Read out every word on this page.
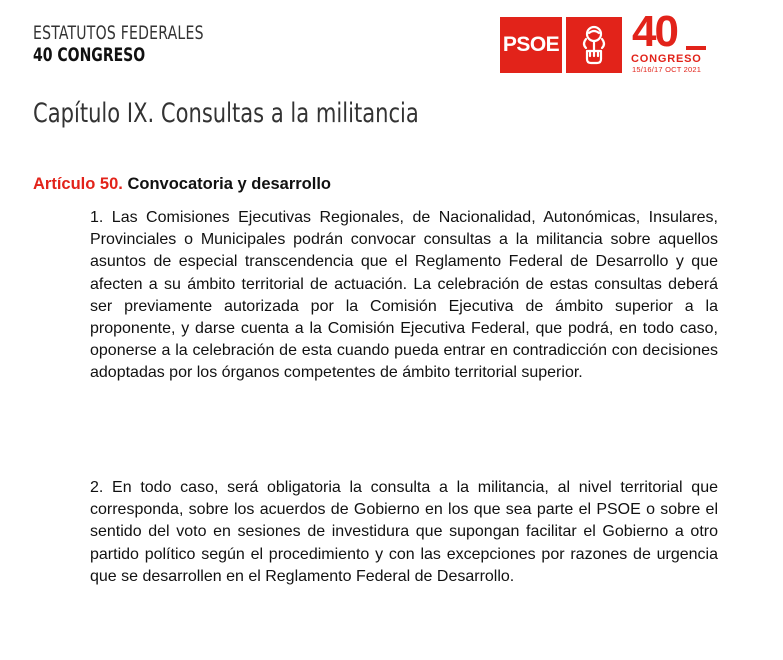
ESTATUTOS FEDERALES
40 CONGRESO	PSOE 40
CONGRESO
15/16/17 OCT 2021
Capítulo IX. Consultas a la militancia
Artículo 50. Convocatoria y desarrollo

1. Las Comisiones Ejecutivas Regionales, de Nacionalidad, Autonómicas, Insulares, Provinciales o Municipales podrán convocar consultas a la militancia sobre aquellos asuntos de especial transcendencia que el Reglamento Federal de Desarrollo y que afecten a su ámbito territorial de actuación. La celebración de estas consultas deberá ser previamente autorizada por la Comisión Ejecutiva de ámbito superior a la proponente, y darse cuenta a la Comisión Ejecutiva Federal, que podrá, en todo caso, oponerse a la celebración de esta cuando pueda entrar en contradicción con decisiones adoptadas por los órganos competentes de ámbito territorial superior.

2. En todo caso, será obligatoria la consulta a la militancia, al nivel territorial que corresponda, sobre los acuerdos de Gobierno en los que sea parte el PSOE o sobre el sentido del voto en sesiones de investidura que supongan facilitar el Gobierno a otro partido político según el procedimiento y con las excepciones por razones de urgencia que se desarrollen en el Reglamento Federal de Desarrollo.
